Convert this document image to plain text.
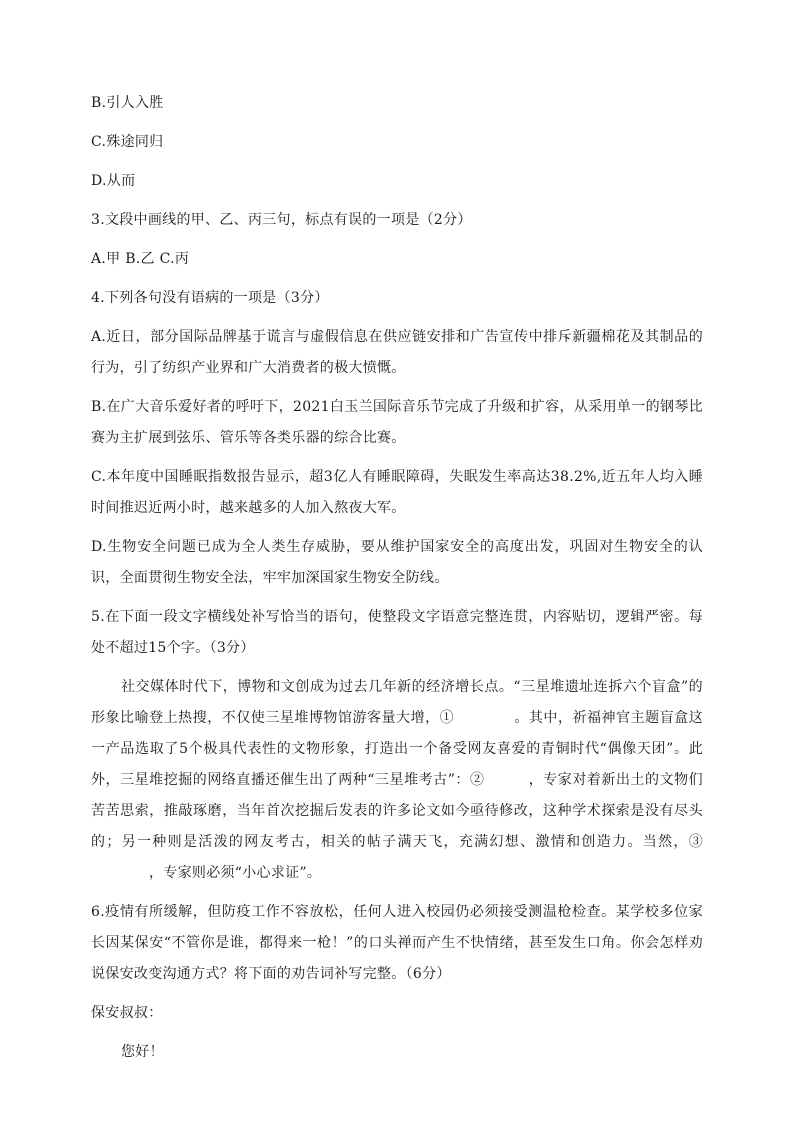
B.引人入胜

C.殊途同归

D.从而

3.文段中画线的甲、乙、丙三句，标点有误的一项是（2分）

A.甲 B.乙 C.丙

4.下列各句没有语病的一项是（3分）

A.近日，部分国际品牌基于谎言与虚假信息在供应链安排和广告宣传中排斥新疆棉花及其制品的行为，引了纺织产业界和广大消费者的极大愤慨。

B.在广大音乐爱好者的呼吁下，2021白玉兰国际音乐节完成了升级和扩容，从采用单一的钢琴比赛为主扩展到弦乐、管乐等各类乐器的综合比赛。

C.本年度中国睡眠指数报告显示，超3亿人有睡眠障碍，失眠发生率高达38.2%,近五年人均入睡时间推迟近两小时，越来越多的人加入熬夜大军。

D.生物安全问题已成为全人类生存威胁，要从维护国家安全的高度出发，巩固对生物安全的认识，全面贯彻生物安全法，牢牢加深国家生物安全防线。

5.在下面一段文字横线处补写恰当的语句，使整段文字语意完整连贯，内容贴切，逻辑严密。每处不超过15个字。（3分）

社交媒体时代下，博物和文创成为过去几年新的经济增长点。“三星堆遗址连拆六个盲盒”的形象比喻登上热搜，不仅使三星堆博物馆游客量大增，①	。其中，祈福神官主题盲盒这一产品选取了5个极具代表性的文物形象，打造出一个备受网友喜爱的青铜时代“偶像天团”。此外，三星堆挖掘的网络直播还催生出了两种“三星堆考古”：②	，专家对着新出土的文物们苦苦思索，推敲琢磨，当年首次挖掘后发表的许多论文如今亟待修改，这种学术探索是没有尽头的；另一种则是活泼的网友考古，相关的帖子满天飞，充满幻想、激情和创造力。当然，③，专家则必须“小心求证”。

6.疫情有所缓解，但防疫工作不容放松，任何人进入校园仍必须接受测温枪检查。某学校多位家长因某保安“不管你是谁，都得来一枪！”的口头禅而产生不快情绪，甚至发生口角。你会怎样劝说保安改变沟通方式？将下面的劝告词补写完整。（6分）

保安叔叔：

您好！
